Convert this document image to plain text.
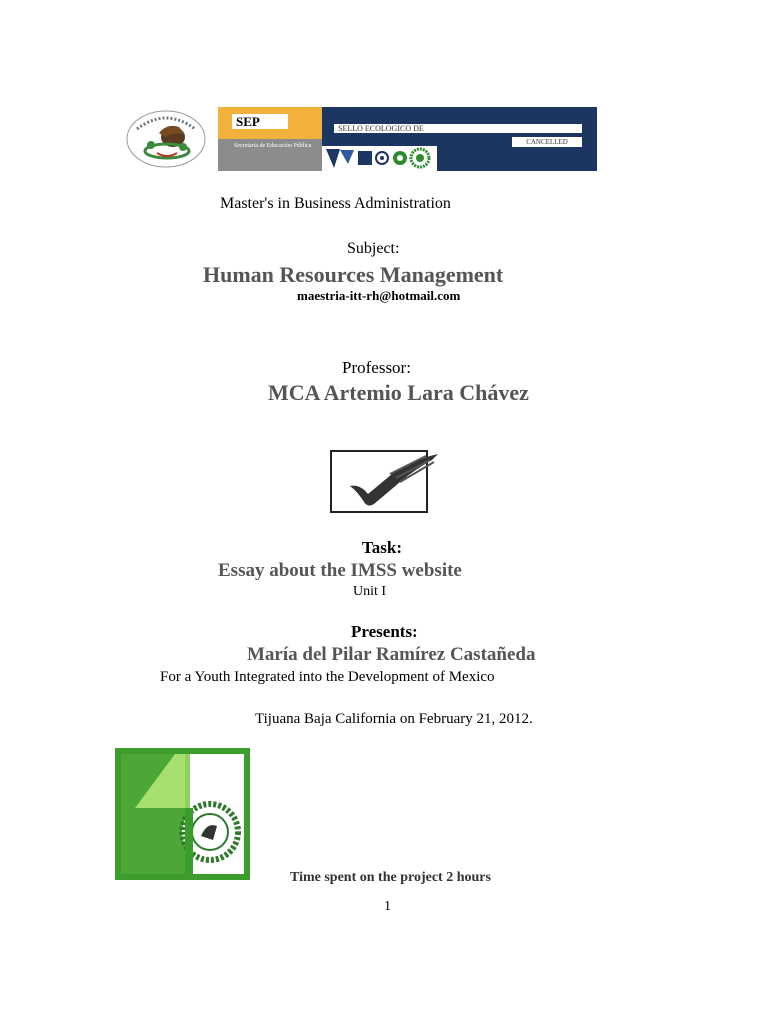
SEP
Secretaría de Educación Pública
SELLO ECOLOGICO DE
CANCELLED
Master's in Business Administration
Subject:
Human Resources Management
maestria-itt-rh@hotmail.com
Professor:
MCA Artemio Lara Chávez
Task:
Essay about the IMSS website
Unit I
Presents:
María del Pilar Ramírez Castañeda
For a Youth Integrated into the Development of Mexico
Tijuana Baja California on February 21, 2012.
Time spent on the project 2 hours
1
